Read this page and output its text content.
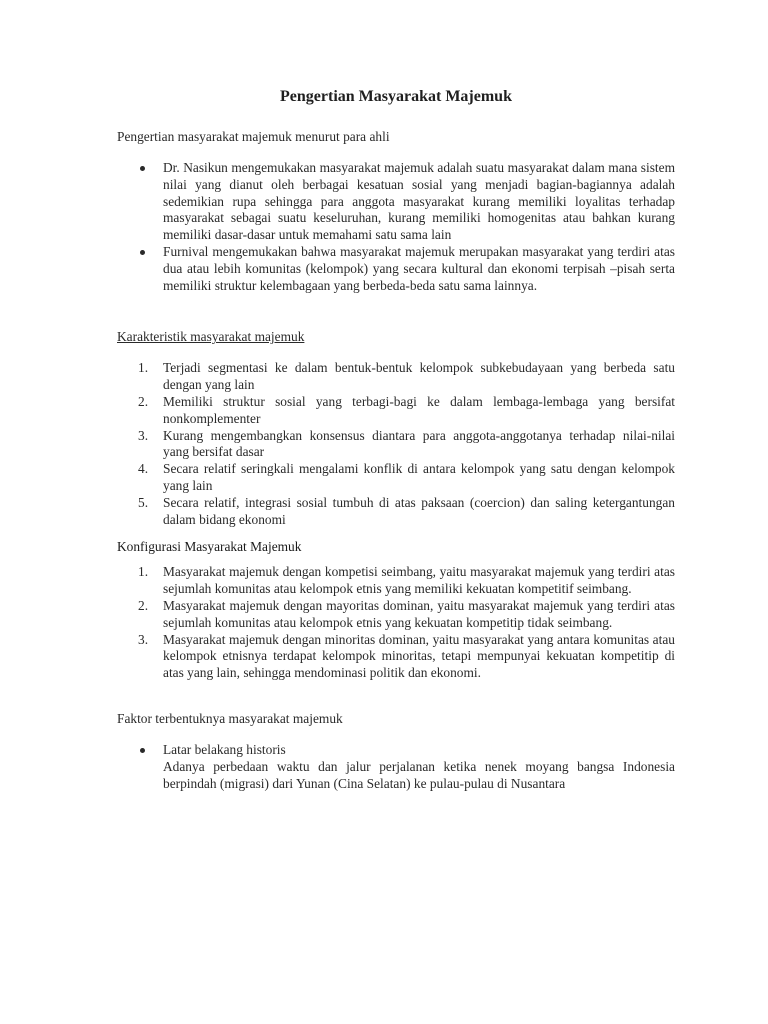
Pengertian Masyarakat Majemuk

Pengertian masyarakat majemuk menurut para ahli

Dr. Nasikun mengemukakan masyarakat majemuk adalah suatu masyarakat dalam mana sistem nilai yang dianut oleh berbagai kesatuan sosial yang menjadi bagian-bagiannya adalah sedemikian rupa sehingga para anggota masyarakat kurang memiliki loyalitas terhadap masyarakat sebagai suatu keseluruhan, kurang memiliki homogenitas atau bahkan kurang memiliki dasar-dasar untuk memahami satu sama lain
Furnival mengemukakan bahwa masyarakat majemuk merupakan masyarakat yang terdiri atas dua atau lebih komunitas (kelompok) yang secara kultural dan ekonomi terpisah –pisah serta memiliki struktur kelembagaan yang berbeda-beda satu sama lainnya.

Karakteristik masyarakat majemuk

1. Terjadi segmentasi ke dalam bentuk-bentuk kelompok subkebudayaan yang berbeda satu dengan yang lain
2. Memiliki struktur sosial yang terbagi-bagi ke dalam lembaga-lembaga yang bersifat nonkomplementer
3. Kurang mengembangkan konsensus diantara para anggota-anggotanya terhadap nilai-nilai yang bersifat dasar
4. Secara relatif seringkali mengalami konflik di antara kelompok yang satu dengan kelompok yang lain
5. Secara relatif, integrasi sosial tumbuh di atas paksaan (coercion) dan saling ketergantungan dalam bidang ekonomi

Konfigurasi Masyarakat Majemuk

1. Masyarakat majemuk dengan kompetisi seimbang, yaitu masyarakat majemuk yang terdiri atas sejumlah komunitas atau kelompok etnis yang memiliki kekuatan kompetitif seimbang.
2. Masyarakat majemuk dengan mayoritas dominan, yaitu masyarakat majemuk yang terdiri atas sejumlah komunitas atau kelompok etnis yang kekuatan kompetitip tidak seimbang.
3. Masyarakat majemuk dengan minoritas dominan, yaitu masyarakat yang antara komunitas atau kelompok etnisnya terdapat kelompok minoritas, tetapi mempunyai kekuatan kompetitip di atas yang lain, sehingga mendominasi politik dan ekonomi.

Faktor terbentuknya masyarakat majemuk

Latar belakang historis
Adanya perbedaan waktu dan jalur perjalanan ketika nenek moyang bangsa Indonesia berpindah (migrasi) dari Yunan (Cina Selatan) ke pulau-pulau di Nusantara
